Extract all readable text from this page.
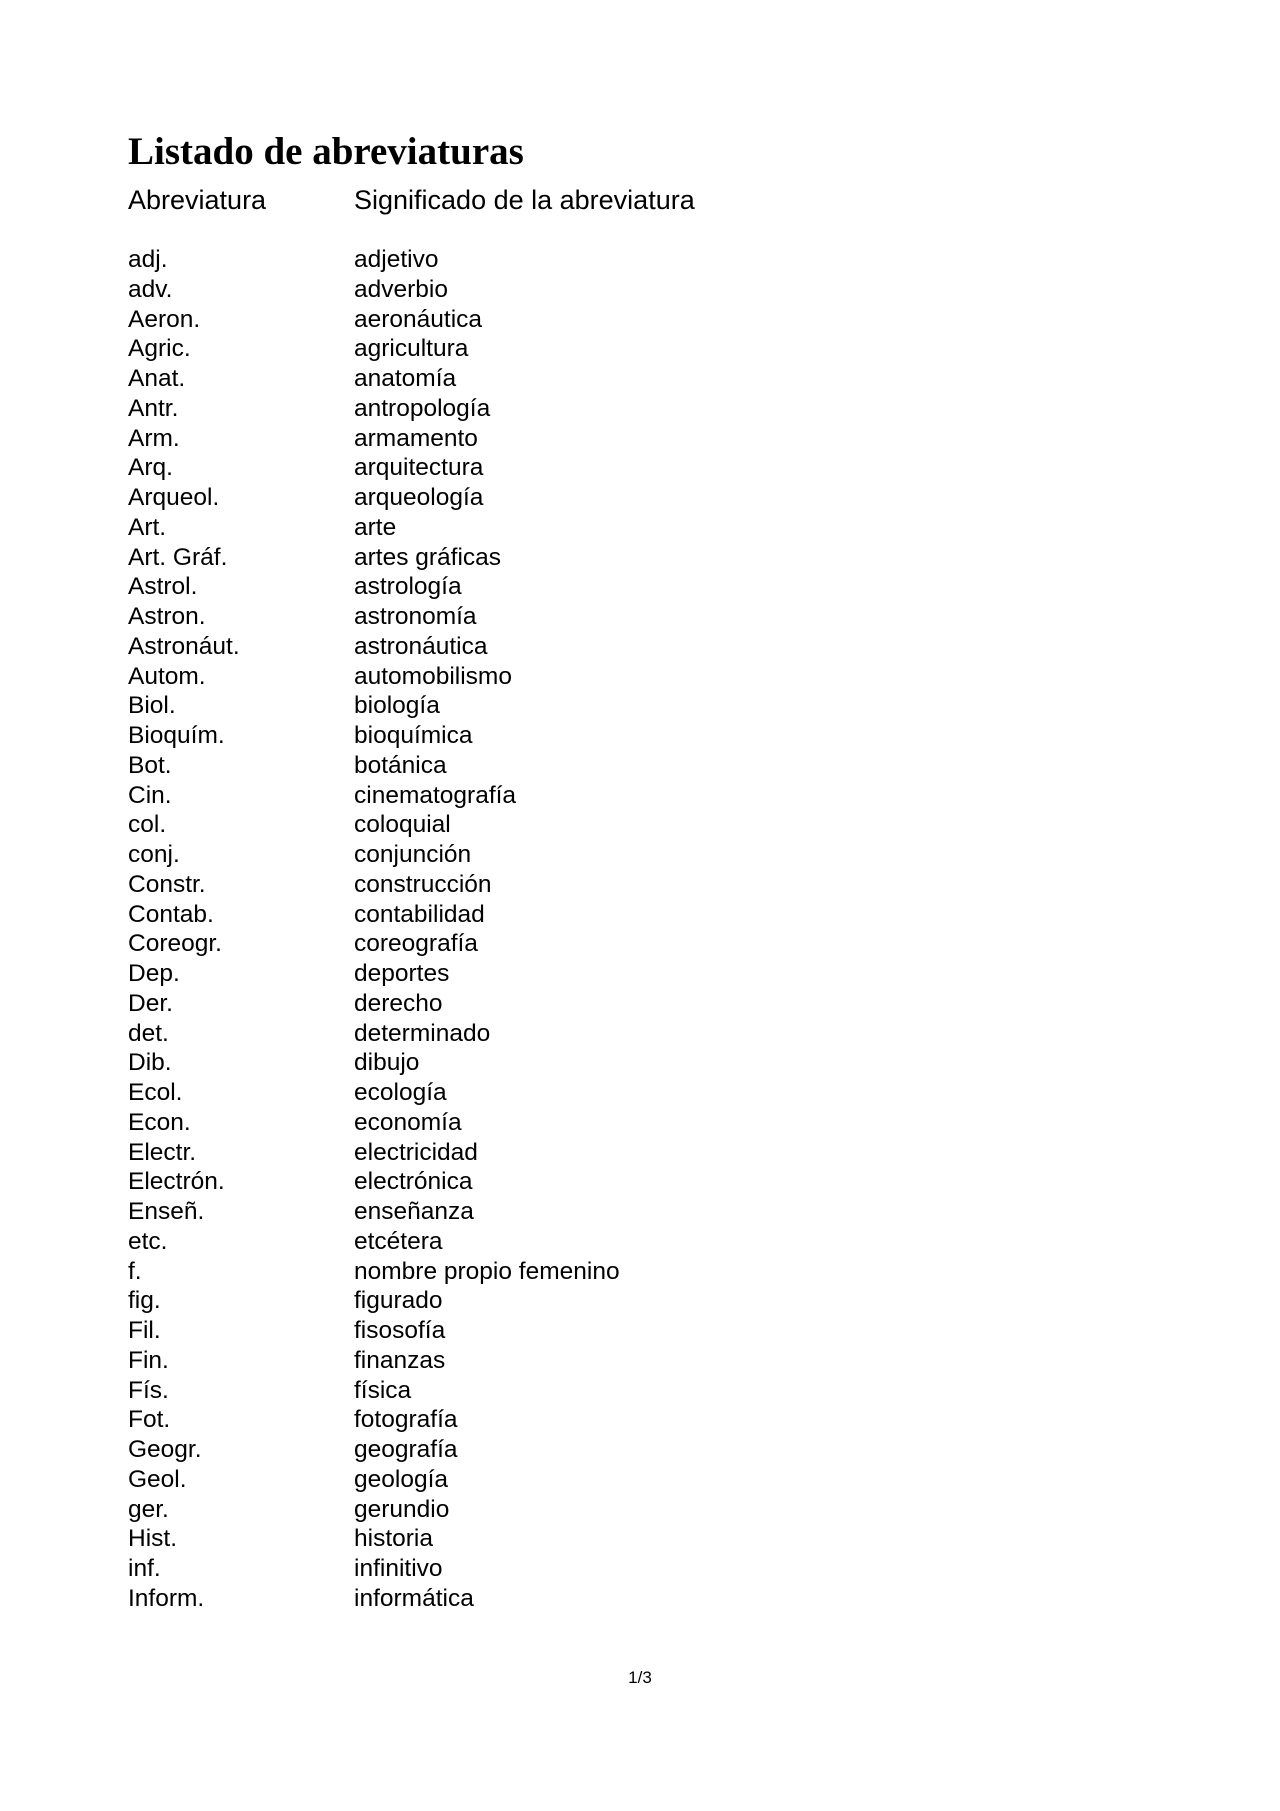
Listado de abreviaturas
Abreviatura	Significado de la abreviatura
adj.	adjetivo
adv.	adverbio
Aeron.	aeronáutica
Agric.	agricultura
Anat.	anatomía
Antr.	antropología
Arm.	armamento
Arq.	arquitectura
Arqueol.	arqueología
Art.	arte
Art. Gráf.	artes gráficas
Astrol.	astrología
Astron.	astronomía
Astronáut.	astronáutica
Autom.	automobilismo
Biol.	biología
Bioquím.	bioquímica
Bot.	botánica
Cin.	cinematografía
col.	coloquial
conj.	conjunción
Constr.	construcción
Contab.	contabilidad
Coreogr.	coreografía
Dep.	deportes
Der.	derecho
det.	determinado
Dib.	dibujo
Ecol.	ecología
Econ.	economía
Electr.	electricidad
Electrón.	electrónica
Enseñ.	enseñanza
etc.	etcétera
f.	nombre propio femenino
fig.	figurado
Fil.	fisosofía
Fin.	finanzas
Fís.	física
Fot.	fotografía
Geogr.	geografía
Geol.	geología
ger.	gerundio
Hist.	historia
inf.	infinitivo
Inform.	informática
1/3
